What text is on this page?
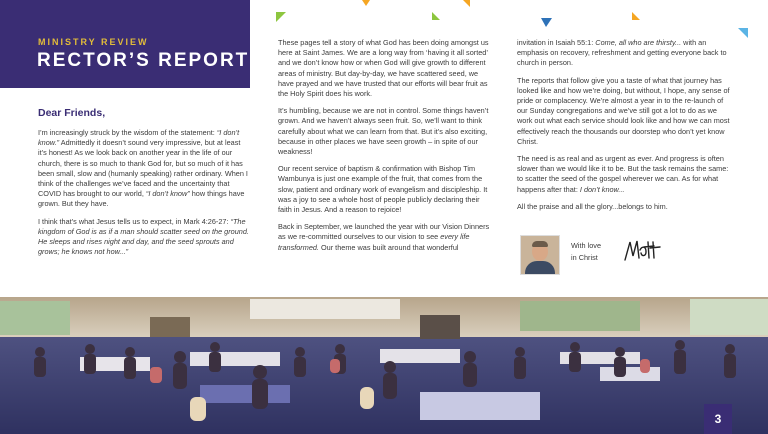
MINISTRY REVIEW
RECTOR’S REPORT
Dear Friends,

I’m increasingly struck by the wisdom of the statement: “I don’t know.” Admittedly it doesn’t sound very impressive, but at least it’s honest! As we look back on another year in the life of our church, there is so much to thank God for, but so much of it has been small, slow and (humanly speaking) rather ordinary. When I think of the challenges we’ve faced and the uncertainty that COVID has brought to our world, “I don’t know” how things have grown. But they have.

I think that’s what Jesus tells us to expect, in Mark 4:26-27: “The kingdom of God is as if a man should scatter seed on the ground. He sleeps and rises night and day, and the seed sprouts and grows; he knows not how...”

These pages tell a story of what God has been doing amongst us here at Saint James. We are a long way from ‘having it all sorted’ and we don’t know how or when God will give growth to different areas of ministry. But day-by-day, we have scattered seed, we have prayed and we have trusted that our efforts will bear fruit as the Holy Spirit does his work.

It’s humbling, because we are not in control. Some things haven’t grown. And we haven’t always seen fruit. So, we’ll want to think carefully about what we can learn from that. But it’s also exciting, because in other places we have seen growth – in spite of our weakness!

Our recent service of baptism & confirmation with Bishop Tim Wambunya is just one example of the fruit, that comes from the slow, patient and ordinary work of evangelism and discipleship. It was a joy to see a whole host of people publicly declaring their faith in Jesus. And a reason to rejoice!

Back in September, we launched the year with our Vision Dinners as we re-committed ourselves to our vision to see every life transformed. Our theme was built around that wonderful

invitation in Isaiah 55:1: Come, all who are thirsty... with an emphasis on recovery, refreshment and getting everyone back to church in person.

The reports that follow give you a taste of what that journey has looked like and how we’re doing, but without, I hope, any sense of pride or complacency. We’re almost a year in to the re-launch of our Sunday congregations and we’ve still got a lot to do as we work out what each service should look like and how we can most effectively reach the thousands our doorstep who don’t yet know Christ.

The need is as real and as urgent as ever. And progress is often slower than we would like it to be. But the task remains the same: to scatter the seed of the gospel wherever we can. As for what happens after that: I don’t know...

All the praise and all the glory...belongs to him.

With love
in Christ
3
